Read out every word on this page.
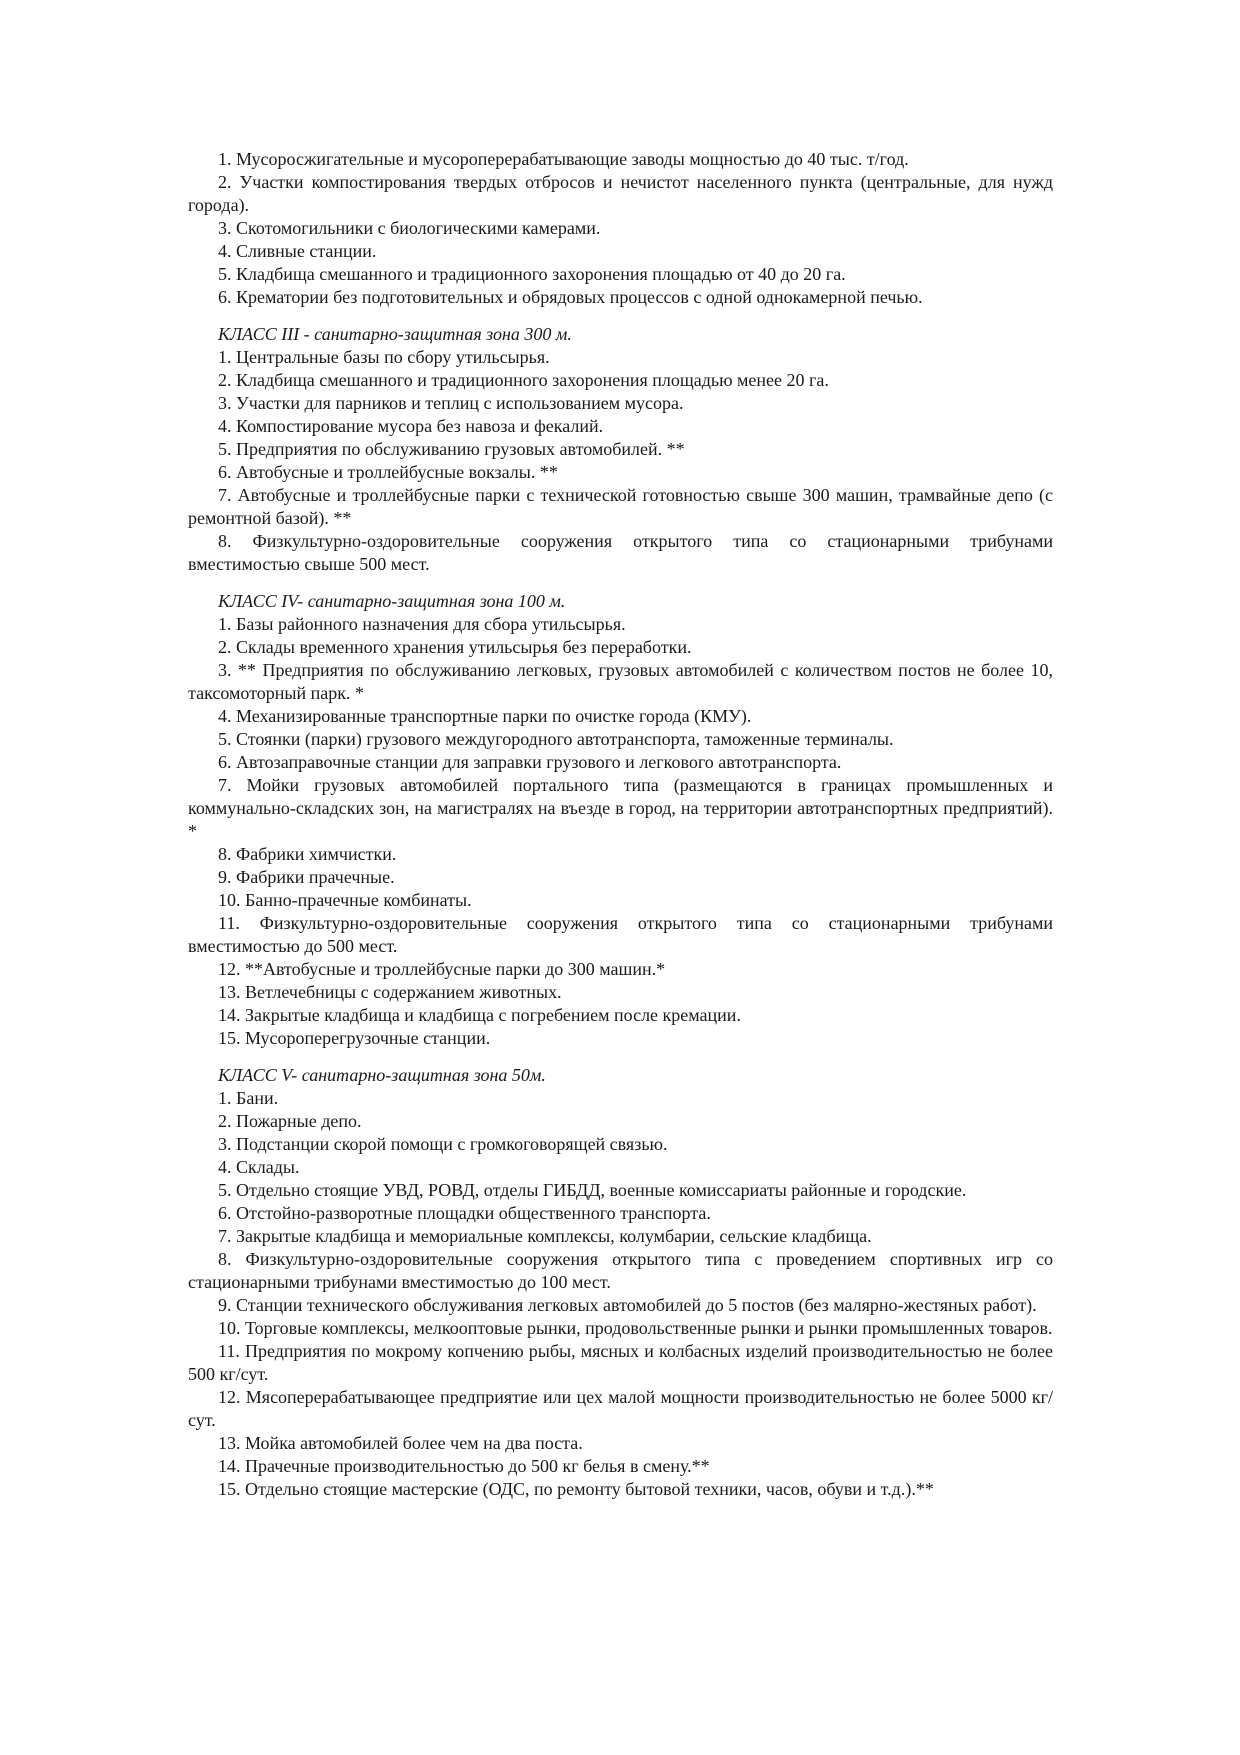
1. Мусоросжигательные и мусороперерабатывающие заводы мощностью до 40 тыс. т/год.

2. Участки компостирования твердых отбросов и нечистот населенного пункта (центральные, для нужд города).

3. Скотомогильники с биологическими камерами.

4. Сливные станции.

5. Кладбища смешанного и традиционного захоронения площадью от 40 до 20 га.

6. Крематории без подготовительных и обрядовых процессов с одной однокамерной печью.

КЛАСС III - санитарно-защитная зона 300 м.

1. Центральные базы по сбору утильсырья.

2. Кладбища смешанного и традиционного захоронения площадью менее 20 га.

3. Участки для парников и теплиц с использованием мусора.

4. Компостирование мусора без навоза и фекалий.

5. Предприятия по обслуживанию грузовых автомобилей. **

6. Автобусные и троллейбусные вокзалы. **

7. Автобусные и троллейбусные парки с технической готовностью свыше 300 машин, трамвайные депо (с ремонтной базой). **

8. Физкультурно-оздоровительные сооружения открытого типа со стационарными трибунами вместимостью свыше 500 мест.

КЛАСС IV- санитарно-защитная зона 100 м.

1. Базы районного назначения для сбора утильсырья.

2. Склады временного хранения утильсырья без переработки.

3. ** Предприятия по обслуживанию легковых, грузовых автомобилей с количеством постов не более 10, таксомоторный парк. *

4. Механизированные транспортные парки по очистке города (КМУ).

5. Стоянки (парки) грузового междугородного автотранспорта, таможенные терминалы.

6. Автозаправочные станции для заправки грузового и легкового автотранспорта.

7. Мойки грузовых автомобилей портального типа (размещаются в границах промышленных и коммунально-складских зон, на магистралях на въезде в город, на территории автотранспортных предприятий). *

8. Фабрики химчистки.

9. Фабрики прачечные.

10. Банно-прачечные комбинаты.

11. Физкультурно-оздоровительные сооружения открытого типа со стационарными трибунами вместимостью до 500 мест.

12. **Автобусные и троллейбусные парки до 300 машин.*

13. Ветлечебницы с содержанием животных.

14. Закрытые кладбища и кладбища с погребением после кремации.

15. Мусороперегрузочные станции.

КЛАСС V- санитарно-защитная зона 50м.

1. Бани.

2. Пожарные депо.

3. Подстанции скорой помощи с громкоговорящей связью.

4. Склады.

5. Отдельно стоящие УВД, РОВД, отделы ГИБДД, военные комиссариаты районные и городские.

6. Отстойно-разворотные площадки общественного транспорта.

7. Закрытые кладбища и мемориальные комплексы, колумбарии, сельские кладбища.

8. Физкультурно-оздоровительные сооружения открытого типа с проведением спортивных игр со стационарными трибунами вместимостью до 100 мест.

9. Станции технического обслуживания легковых автомобилей до 5 постов (без малярно-жестяных работ).

10. Торговые комплексы, мелкооптовые рынки, продовольственные рынки и рынки промышленных товаров.

11. Предприятия по мокрому копчению рыбы, мясных и колбасных изделий производительностью не более 500 кг/сут.

12. Мясоперерабатывающее предприятие или цех малой мощности производительностью не более 5000 кг/сут.

13. Мойка автомобилей более чем на два поста.

14. Прачечные производительностью до 500 кг белья в смену.**

15. Отдельно стоящие мастерские (ОДС, по ремонту бытовой техники, часов, обуви и т.д.).**
